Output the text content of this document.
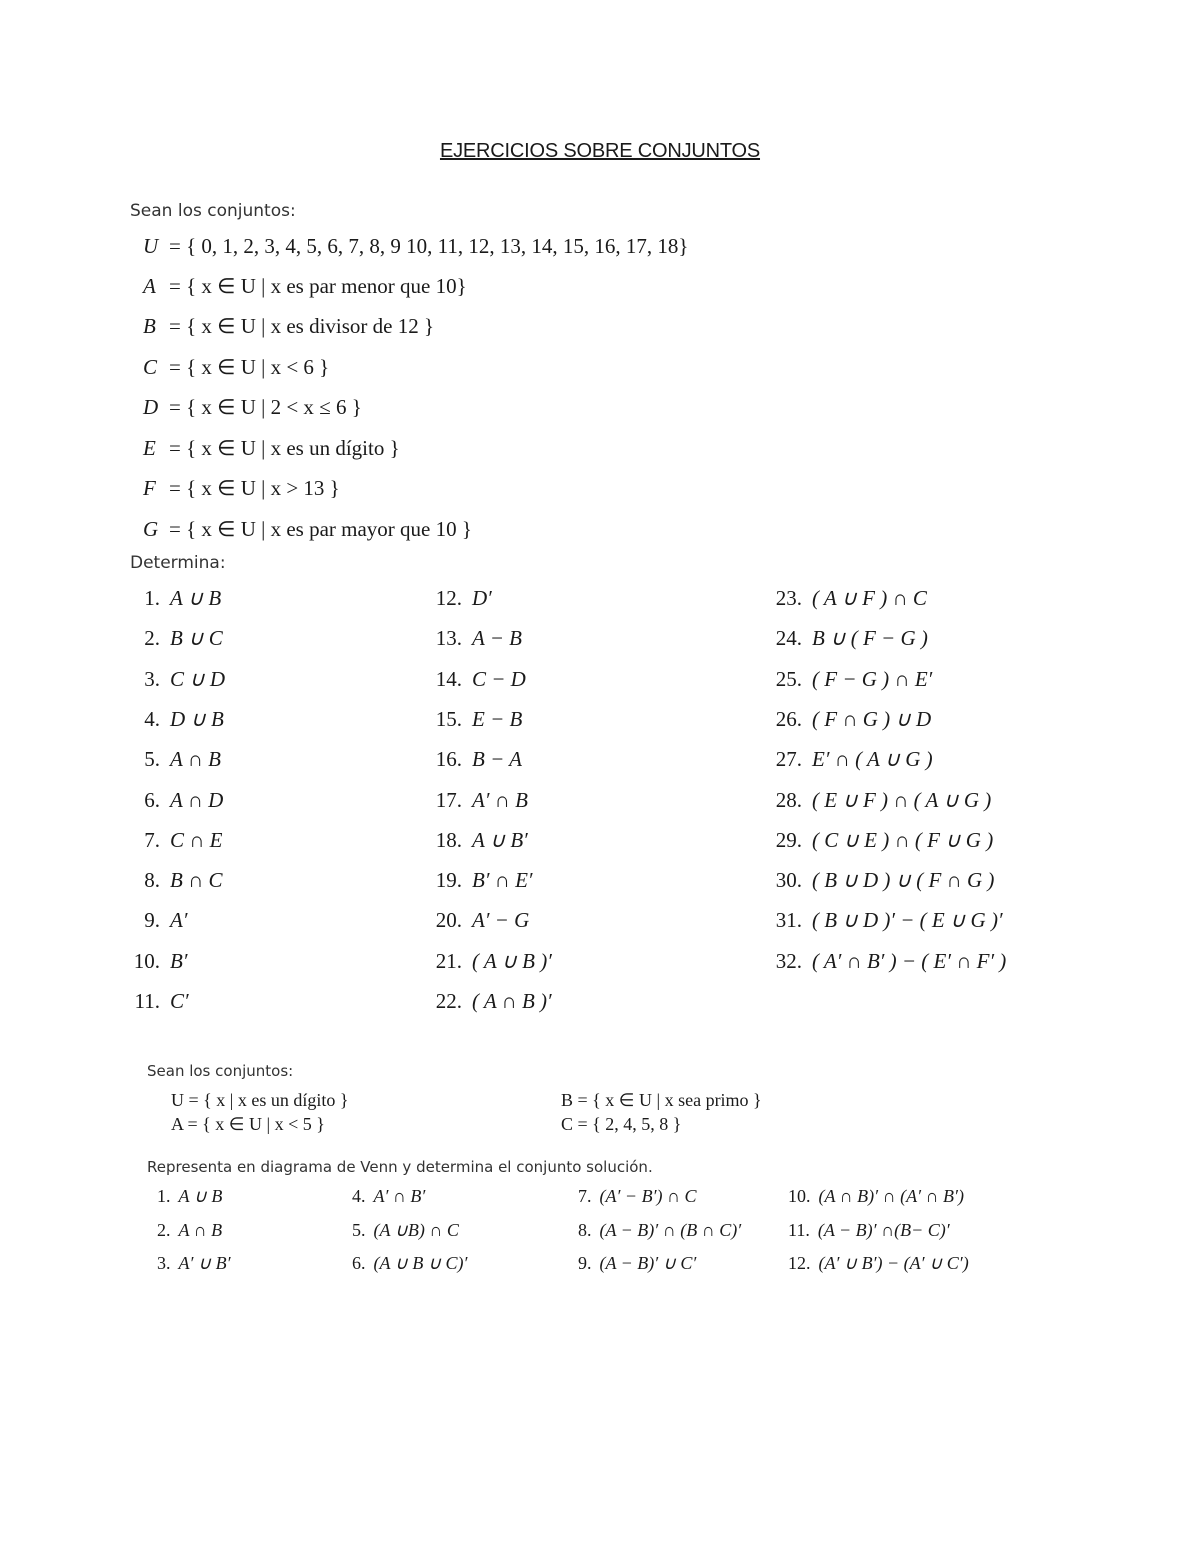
EJERCICIOS SOBRE CONJUNTOS
Sean los conjuntos:
U = { 0, 1, 2, 3, 4, 5, 6, 7, 8, 9 10, 11, 12, 13, 14, 15, 16, 17, 18}
A = { x ∈ U | x es par menor que 10}
B = { x ∈ U | x es divisor de 12 }
C = { x ∈ U | x < 6 }
D = { x ∈ U | 2 < x ≤ 6 }
E = { x ∈ U | x es un dígito }
F = { x ∈ U | x > 13 }
G = { x ∈ U | x es par mayor que 10 }
Determina:
1. A ∪ B
2. B ∪ C
3. C ∪ D
4. D ∪ B
5. A ∩ B
6. A ∩ D
7. C ∩ E
8. B ∩ C
9. A′
10. B′
11. C′
12. D′
13. A − B
14. C − D
15. E − B
16. B − A
17. A′ ∩ B
18. A ∪ B′
19. B′ ∩ E′
20. A′ − G
21. ( A ∪ B )′
22. ( A ∩ B )′
23. ( A ∪ F ) ∩ C
24. B ∪ ( F − G )
25. ( F − G ) ∩ E′
26. ( F ∩ G ) ∪ D
27. E′ ∩ ( A ∪ G )
28. ( E ∪ F ) ∩ ( A ∪ G )
29. ( C ∪ E ) ∩ ( F ∪ G )
30. ( B ∪ D ) ∪ ( F ∩ G )
31. ( B ∪ D )′ − ( E ∪ G )′
32. ( A′ ∩ B′ ) − ( E′ ∩ F′ )
Sean los conjuntos:
U = { x | x es un dígito }
A = { x ∈ U | x < 5 }
B = { x ∈ U | x sea primo }
C = { 2, 4, 5, 8 }
Representa en diagrama de Venn y determina el conjunto solución.
1. A ∪ B
2. A ∩ B
3. A′ ∪ B′
4. A′ ∩ B′
5. (A ∪B) ∩ C
6. (A ∪ B ∪ C)′
7. (A′ − B′) ∩ C
8. (A − B)′ ∩ (B ∩ C)′
9. (A − B)′ ∪ C′
10. (A ∩ B)′ ∩ (A′ ∩ B′)
11. (A − B)′ ∩(B− C)′
12. (A′ ∪ B′) − (A′ ∪ C′)
